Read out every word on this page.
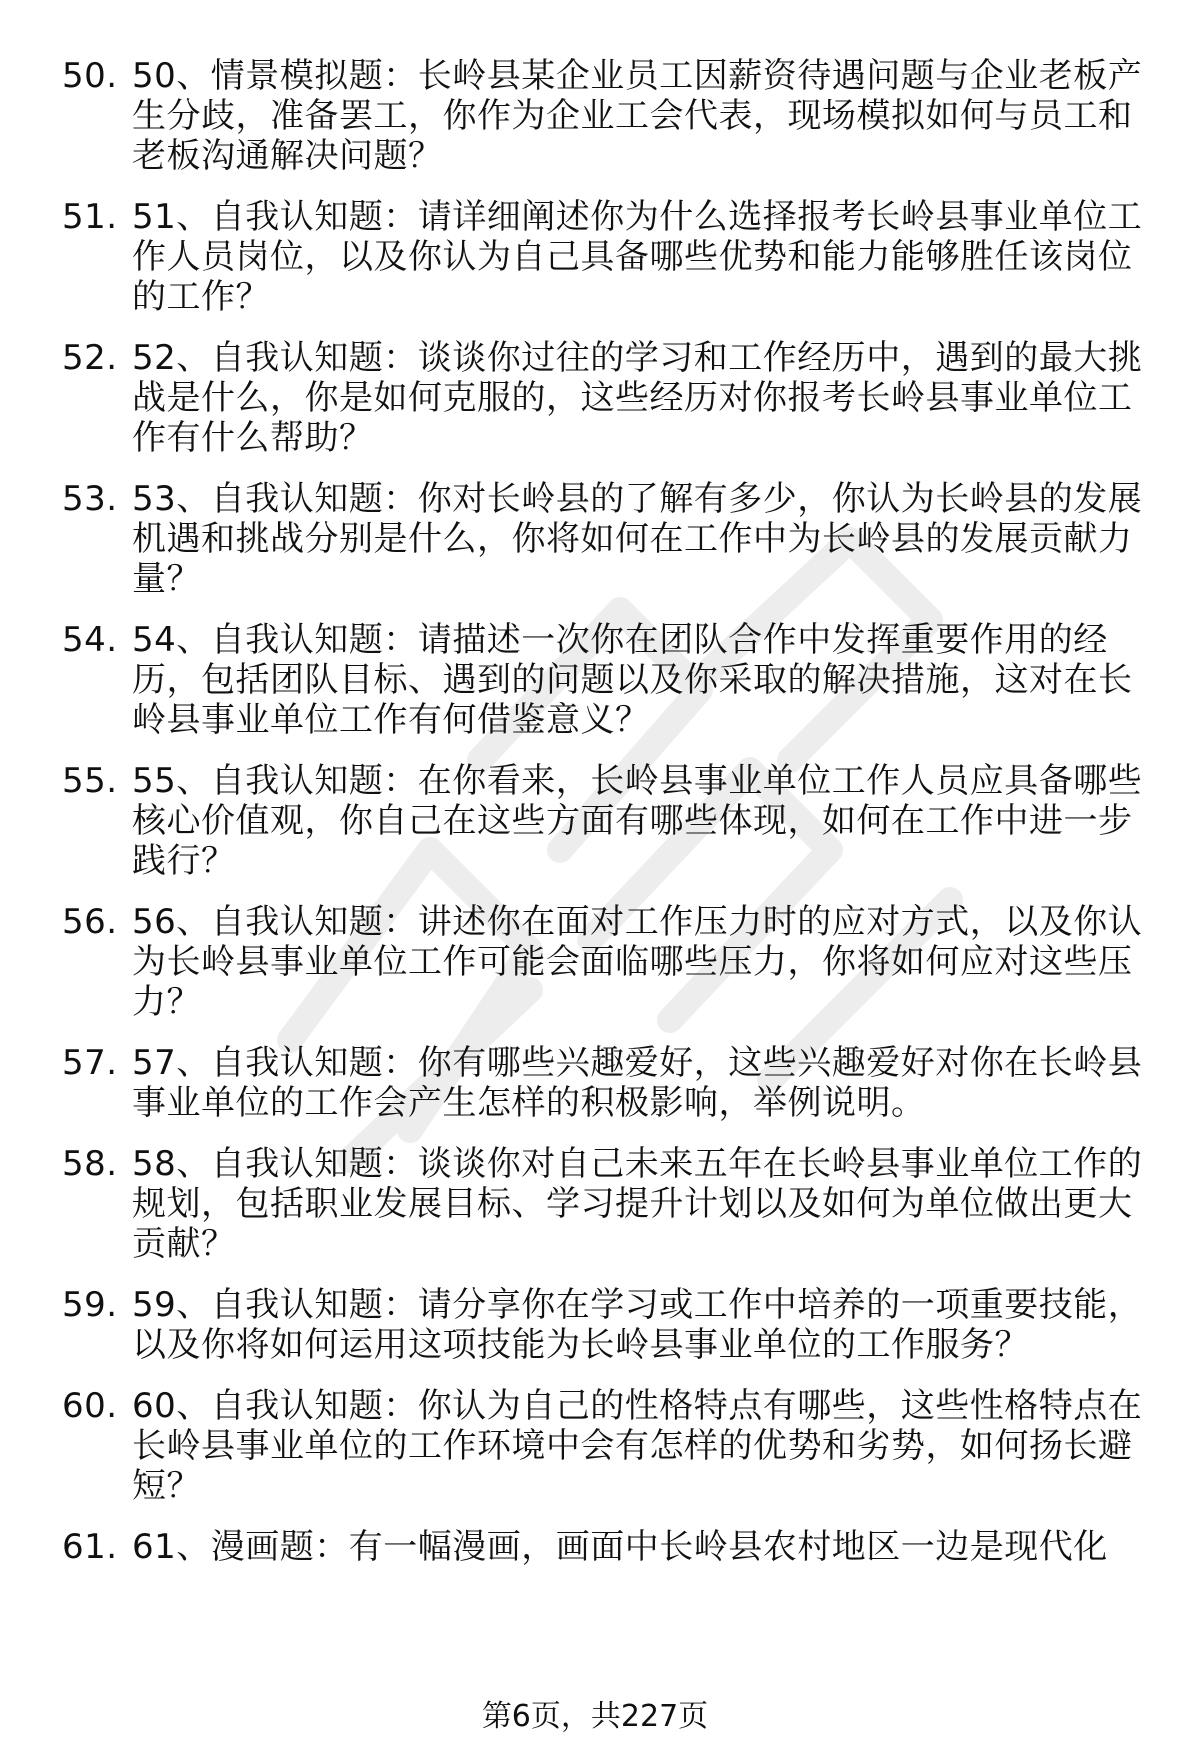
50. 50、情景模拟题：长岭县某企业员工因薪资待遇问题与企业老板产生分歧，准备罢工，你作为企业工会代表，现场模拟如何与员工和老板沟通解决问题？
51. 51、自我认知题：请详细阐述你为什么选择报考长岭县事业单位工作人员岗位，以及你认为自己具备哪些优势和能力能够胜任该岗位的工作？
52. 52、自我认知题：谈谈你过往的学习和工作经历中，遇到的最大挑战是什么，你是如何克服的，这些经历对你报考长岭县事业单位工作有什么帮助？
53. 53、自我认知题：你对长岭县的了解有多少，你认为长岭县的发展机遇和挑战分别是什么，你将如何在工作中为长岭县的发展贡献力量？
54. 54、自我认知题：请描述一次你在团队合作中发挥重要作用的经历，包括团队目标、遇到的问题以及你采取的解决措施，这对在长岭县事业单位工作有何借鉴意义？
55. 55、自我认知题：在你看来，长岭县事业单位工作人员应具备哪些核心价值观，你自己在这些方面有哪些体现，如何在工作中进一步践行？
56. 56、自我认知题：讲述你在面对工作压力时的应对方式，以及你认为长岭县事业单位工作可能会面临哪些压力，你将如何应对这些压力？
57. 57、自我认知题：你有哪些兴趣爱好，这些兴趣爱好对你在长岭县事业单位的工作会产生怎样的积极影响，举例说明。
58. 58、自我认知题：谈谈你对自己未来五年在长岭县事业单位工作的规划，包括职业发展目标、学习提升计划以及如何为单位做出更大贡献？
59. 59、自我认知题：请分享你在学习或工作中培养的一项重要技能，以及你将如何运用这项技能为长岭县事业单位的工作服务？
60. 60、自我认知题：你认为自己的性格特点有哪些，这些性格特点在长岭县事业单位的工作环境中会有怎样的优势和劣势，如何扬长避短？
61. 61、漫画题：有一幅漫画，画面中长岭县农村地区一边是现代化
第6页，共227页
